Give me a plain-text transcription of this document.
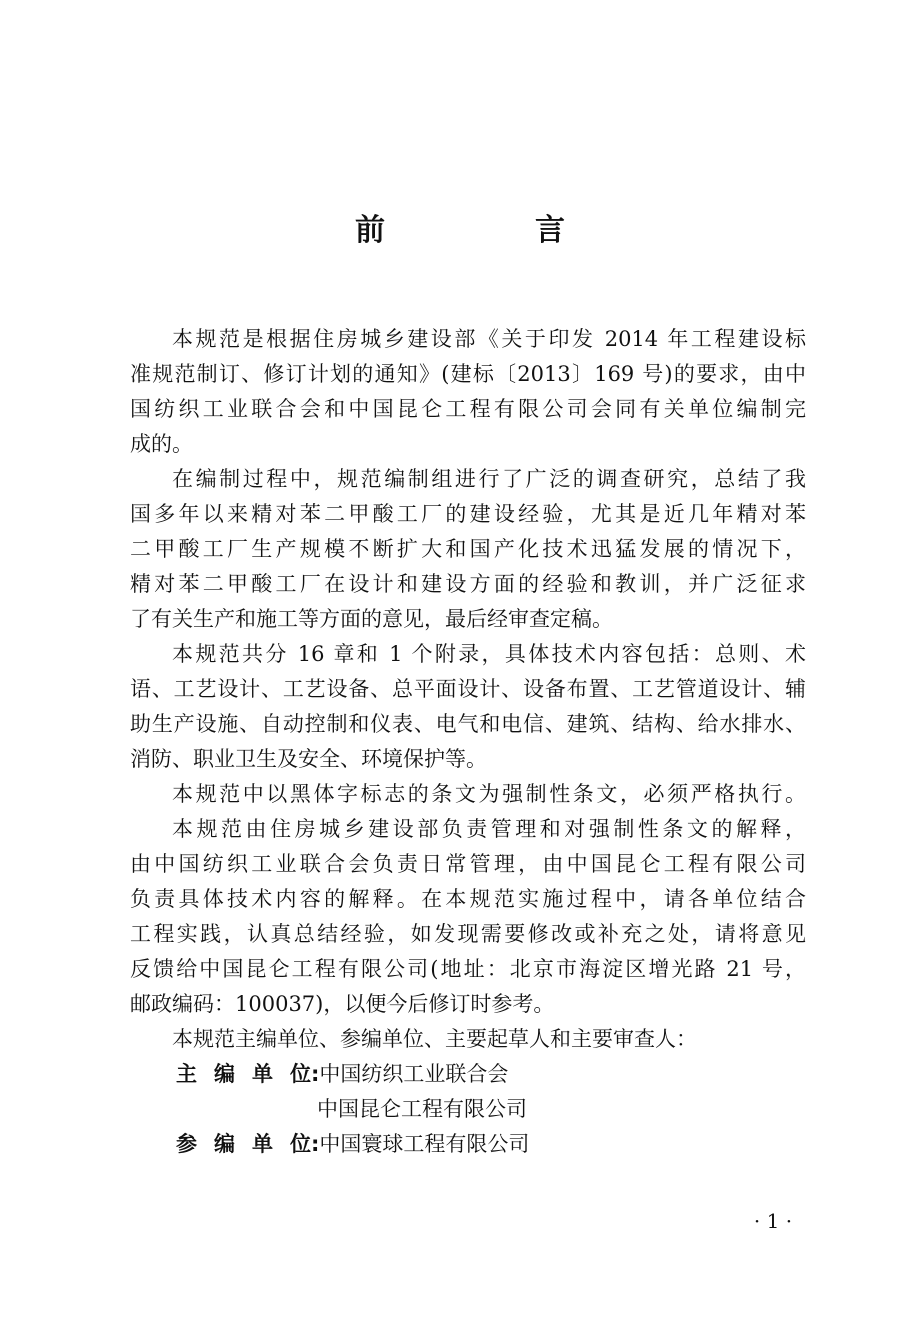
前　言
本规范是根据住房城乡建设部《关于印发 2014 年工程建设标
准规范制订、修订计划的通知》(建标〔2013〕169 号)的要求，由中
国纺织工业联合会和中国昆仑工程有限公司会同有关单位编制完
成的。
在编制过程中，规范编制组进行了广泛的调查研究，总结了我
国多年以来精对苯二甲酸工厂的建设经验，尤其是近几年精对苯
二甲酸工厂生产规模不断扩大和国产化技术迅猛发展的情况下，
精对苯二甲酸工厂在设计和建设方面的经验和教训，并广泛征求
了有关生产和施工等方面的意见，最后经审查定稿。
本规范共分 16 章和 1 个附录，具体技术内容包括：总则、术
语、工艺设计、工艺设备、总平面设计、设备布置、工艺管道设计、辅
助生产设施、自动控制和仪表、电气和电信、建筑、结构、给水排水、
消防、职业卫生及安全、环境保护等。
本规范中以黑体字标志的条文为强制性条文，必须严格执行。
本规范由住房城乡建设部负责管理和对强制性条文的解释，
由中国纺织工业联合会负责日常管理，由中国昆仑工程有限公司
负责具体技术内容的解释。在本规范实施过程中，请各单位结合
工程实践，认真总结经验，如发现需要修改或补充之处，请将意见
反馈给中国昆仑工程有限公司(地址：北京市海淀区增光路 21 号，
邮政编码：100037)，以便今后修订时参考。
本规范主编单位、参编单位、主要起草人和主要审查人：
主编单位:中国纺织工业联合会
中国昆仑工程有限公司
参编单位:中国寰球工程有限公司
· 1 ·
